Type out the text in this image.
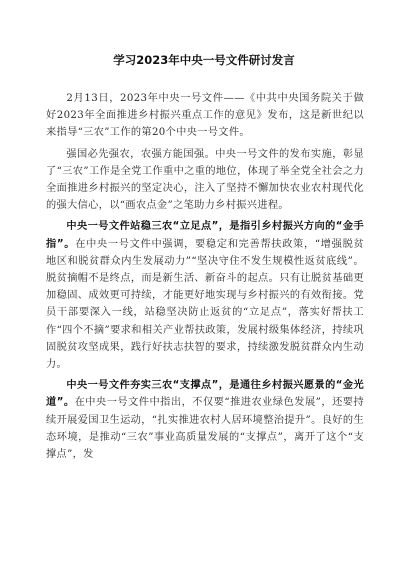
学习2023年中央一号文件研讨发言

2月13日，2023年中央一号文件——《中共中央国务院关于做好2023年全面推进乡村振兴重点工作的意见》发布，这是新世纪以来指导“三农”工作的第20个中央一号文件。

强国必先强农，农强方能国强。中央一号文件的发布实施，彰显了“三农”工作是全党工作重中之重的地位，体现了举全党全社会之力全面推进乡村振兴的坚定决心，注入了坚持不懈加快农业农村现代化的强大信心，以“画农点金”之笔助力乡村振兴进程。

中央一号文件站稳三农“立足点”，是指引乡村振兴方向的“金手指”。在中央一号文件中强调，要稳定和完善帮扶政策，“增强脱贫地区和脱贫群众内生发展动力”“坚决守住不发生规模性返贫底线”。脱贫摘帽不是终点，而是新生活、新奋斗的起点。只有让脱贫基础更加稳固、成效更可持续，才能更好地实现与乡村振兴的有效衔接。党员干部要深入一线，站稳坚决防止返贫的“立足点”，落实好帮扶工作“四个不摘”要求和相关产业帮扶政策，发展村级集体经济，持续巩固脱贫攻坚成果，践行好扶志扶智的要求，持续激发脱贫群众内生动力。

中央一号文件夯实三农“支撑点”，是通往乡村振兴愿景的“金光道”。在中央一号文件中指出，不仅要“推进农业绿色发展”，还要持续开展爱国卫生运动，“扎实推进农村人居环境整治提升”。良好的生态环境，是推动“三农”事业高质量发展的“支撑点”，离开了这个“支撑点”，发
